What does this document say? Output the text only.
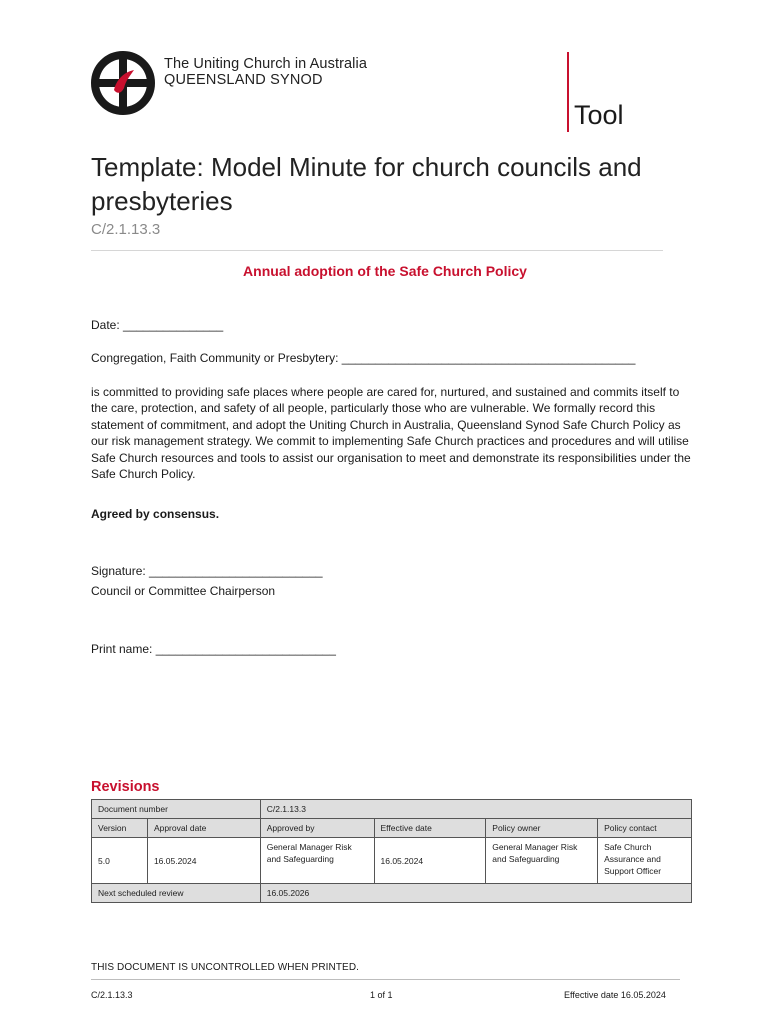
The Uniting Church in Australia
QUEENSLAND SYNOD
Tool
Template: Model Minute for church councils and presbyteries
C/2.1.13.3
Annual adoption of the Safe Church Policy
Date: _______________
Congregation, Faith Community or Presbytery: ____________________________________________
is committed to providing safe places where people are cared for, nurtured, and sustained and commits itself to the care, protection, and safety of all people, particularly those who are vulnerable. We formally record this statement of commitment, and adopt the Uniting Church in Australia, Queensland Synod Safe Church Policy as our risk management strategy. We commit to implementing Safe Church practices and procedures and will utilise Safe Church resources and tools to assist our organisation to meet and demonstrate its responsibilities under the Safe Church Policy.
Agreed by consensus.
Signature: __________________________
Council or Committee Chairperson
Print name: ___________________________
Revisions
Document number		C/2.1.13.3			
Version	Approval date	Approved by	Effective date	Policy owner	Policy contact
5.0	16.05.2024	General Manager Risk and Safeguarding	16.05.2024	General Manager Risk and Safeguarding	Safe Church Assurance and Support Officer
Next scheduled review		16.05.2026			
THIS DOCUMENT IS UNCONTROLLED WHEN PRINTED.
C/2.1.13.3	1 of 1	Effective date 16.05.2024
